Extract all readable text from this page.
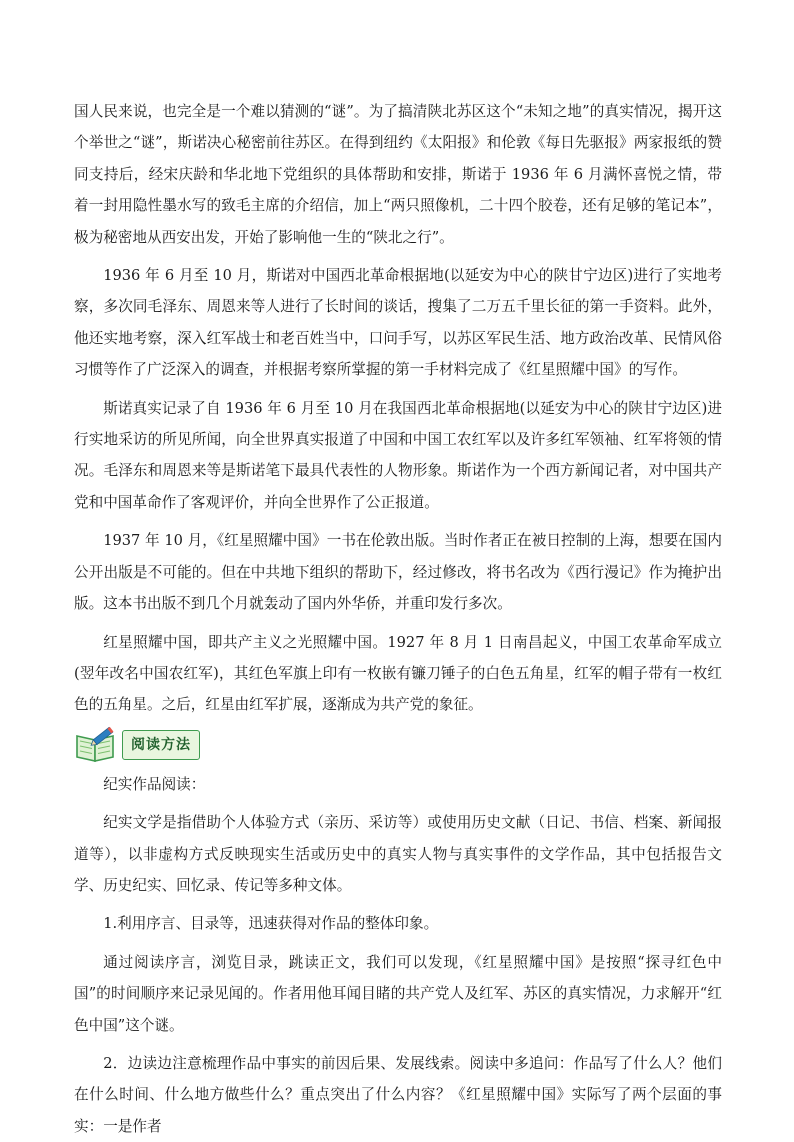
国人民来说，也完全是一个难以猜测的“谜”。为了搞清陕北苏区这个“未知之地”的真实情况，揭开这个举世之“谜”，斯诺决心秘密前往苏区。在得到纽约《太阳报》和伦敦《每日先驱报》两家报纸的赞同支持后，经宋庆龄和华北地下党组织的具体帮助和安排，斯诺于 1936 年 6 月满怀喜悦之情，带着一封用隐性墨水写的致毛主席的介绍信，加上“两只照像机，二十四个胶卷，还有足够的笔记本”，极为秘密地从西安出发，开始了影响他一生的“陕北之行”。

1936 年 6 月至 10 月，斯诺对中国西北革命根据地(以延安为中心的陕甘宁边区)进行了实地考察，多次同毛泽东、周恩来等人进行了长时间的谈话，搜集了二万五千里长征的第一手资料。此外，他还实地考察，深入红军战士和老百姓当中，口问手写，以苏区军民生活、地方政治改革、民情风俗习惯等作了广泛深入的调查，并根据考察所掌握的第一手材料完成了《红星照耀中国》的写作。

斯诺真实记录了自 1936 年 6 月至 10 月在我国西北革命根据地(以延安为中心的陕甘宁边区)进行实地采访的所见所闻，向全世界真实报道了中国和中国工农红军以及许多红军领袖、红军将领的情况。毛泽东和周恩来等是斯诺笔下最具代表性的人物形象。斯诺作为一个西方新闻记者，对中国共产党和中国革命作了客观评价，并向全世界作了公正报道。

1937 年 10 月，《红星照耀中国》一书在伦敦出版。当时作者正在被日控制的上海，想要在国内公开出版是不可能的。但在中共地下组织的帮助下，经过修改，将书名改为《西行漫记》作为掩护出版。这本书出版不到几个月就轰动了国内外华侨，并重印发行多次。

红星照耀中国，即共产主义之光照耀中国。1927 年 8 月 1 日南昌起义，中国工农革命军成立(翌年改名中国农红军)，其红色军旗上印有一枚嵌有镰刀锤子的白色五角星，红军的帽子带有一枚红色的五角星。之后，红星由红军扩展，逐渐成为共产党的象征。

阅读方法

纪实作品阅读：

纪实文学是指借助个人体验方式（亲历、采访等）或使用历史文献（日记、书信、档案、新闻报道等），以非虚构方式反映现实生活或历史中的真实人物与真实事件的文学作品，其中包括报告文学、历史纪实、回忆录、传记等多种文体。

1.利用序言、目录等，迅速获得对作品的整体印象。

通过阅读序言，浏览目录，跳读正文，我们可以发现，《红星照耀中国》是按照“探寻红色中国”的时间顺序来记录见闻的。作者用他耳闻目睹的共产党人及红军、苏区的真实情况，力求解开“红色中国”这个谜。

2．边读边注意梳理作品中事实的前因后果、发展线索。阅读中多追问：作品写了什么人？他们在什么时间、什么地方做些什么？重点突出了什么内容？《红星照耀中国》实际写了两个层面的事实：一是作者
